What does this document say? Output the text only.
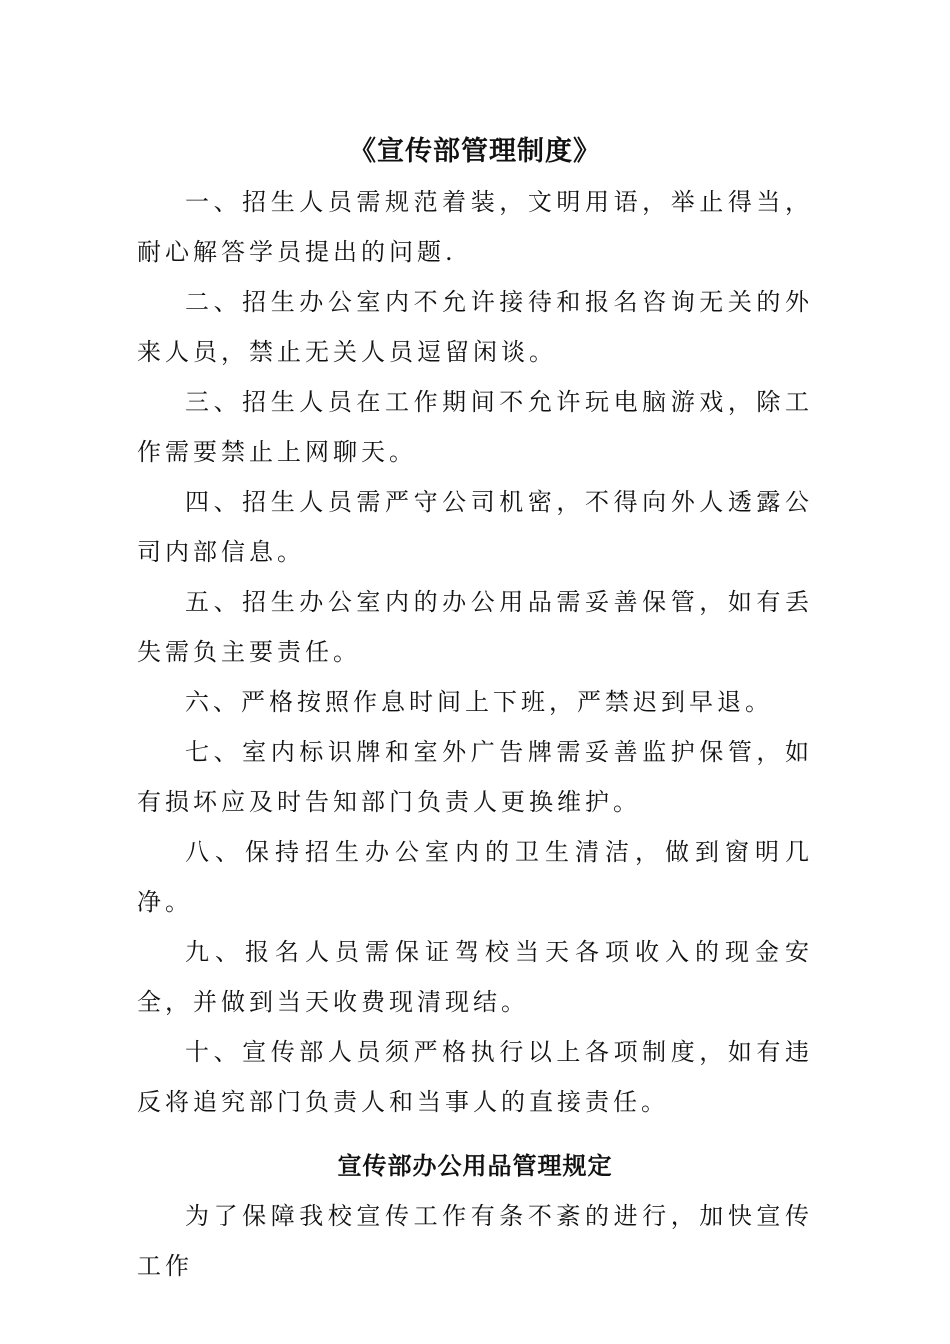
《宣传部管理制度》

一、招生人员需规范着装，文明用语，举止得当，耐心解答学员提出的问题.

二、招生办公室内不允许接待和报名咨询无关的外来人员，禁止无关人员逗留闲谈。

三、招生人员在工作期间不允许玩电脑游戏，除工作需要禁止上网聊天。

四、招生人员需严守公司机密，不得向外人透露公司内部信息。

五、招生办公室内的办公用品需妥善保管，如有丢失需负主要责任。

六、严格按照作息时间上下班，严禁迟到早退。

七、室内标识牌和室外广告牌需妥善监护保管，如有损坏应及时告知部门负责人更换维护。

八、保持招生办公室内的卫生清洁，做到窗明几净。

九、报名人员需保证驾校当天各项收入的现金安全，并做到当天收费现清现结。

十、宣传部人员须严格执行以上各项制度，如有违反将追究部门负责人和当事人的直接责任。

宣传部办公用品管理规定

为了保障我校宣传工作有条不紊的进行，加快宣传工作
